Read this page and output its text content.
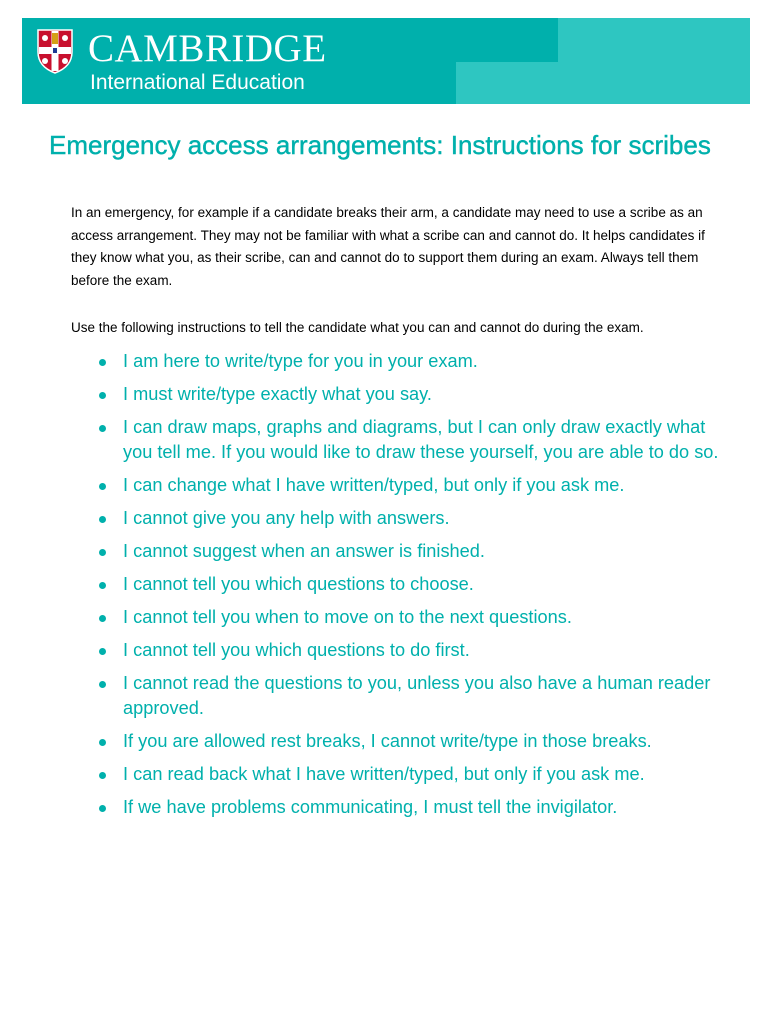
CAMBRIDGE

International Education

Emergency access arrangements: Instructions for scribes

In an emergency, for example if a candidate breaks their arm, a candidate may need to use a scribe as an access arrangement. They may not be familiar with what a scribe can and cannot do. It helps candidates if they know what you, as their scribe, can and cannot do to support them during an exam. Always tell them before the exam.

Use the following instructions to tell the candidate what you can and cannot do during the exam.

I am here to write/type for you in your exam.
I must write/type exactly what you say.
I can draw maps, graphs and diagrams, but I can only draw exactly what you tell me. If you would like to draw these yourself, you are able to do so.
I can change what I have written/typed, but only if you ask me.
I cannot give you any help with answers.
I cannot suggest when an answer is finished.
I cannot tell you which questions to choose.
I cannot tell you when to move on to the next questions.
I cannot tell you which questions to do first.
I cannot read the questions to you, unless you also have a human reader approved.
If you are allowed rest breaks, I cannot write/type in those breaks.
I can read back what I have written/typed, but only if you ask me.
If we have problems communicating, I must tell the invigilator.
